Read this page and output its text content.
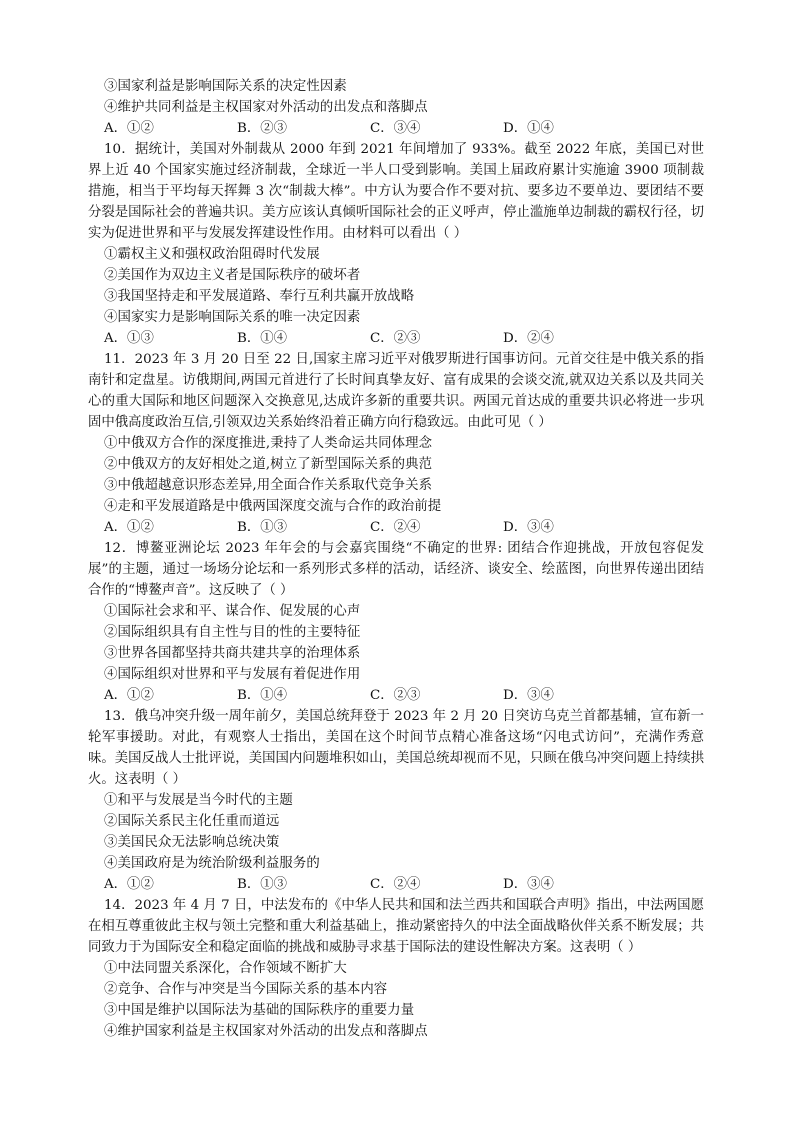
③国家利益是影响国际关系的决定性因素
④维护共同利益是主权国家对外活动的出发点和落脚点
A．①②	B．②③	C．③④	D．①④
10．据统计，美国对外制裁从 2000 年到 2021 年间增加了 933%。截至 2022 年底，美国已对世界上近 40 个国家实施过经济制裁，全球近一半人口受到影响。美国上届政府累计实施逾 3900 项制裁措施，相当于平均每天挥舞 3 次“制裁大棒”。中方认为要合作不要对抗、要多边不要单边、要团结不要分裂是国际社会的普遍共识。美方应该认真倾听国际社会的正义呼声，停止滥施单边制裁的霸权行径，切实为促进世界和平与发展发挥建设性作用。由材料可以看出（ ）
①霸权主义和强权政治阻碍时代发展
②美国作为双边主义者是国际秩序的破坏者
③我国坚持走和平发展道路、奉行互利共赢开放战略
④国家实力是影响国际关系的唯一决定因素
A．①③	B．①④	C．②③	D．②④
11．2023 年 3 月 20 日至 22 日,国家主席习近平对俄罗斯进行国事访问。元首交往是中俄关系的指南针和定盘星。访俄期间,两国元首进行了长时间真挚友好、富有成果的会谈交流,就双边关系以及共同关心的重大国际和地区问题深入交换意见,达成许多新的重要共识。两国元首达成的重要共识必将进一步巩固中俄高度政治互信,引领双边关系始终沿着正确方向行稳致远。由此可见（ ）
①中俄双方合作的深度推进,秉持了人类命运共同体理念
②中俄双方的友好相处之道,树立了新型国际关系的典范
③中俄超越意识形态差异,用全面合作关系取代竞争关系
④走和平发展道路是中俄两国深度交流与合作的政治前提
A．①②	B．①③	C．②④	D．③④
12．博鳌亚洲论坛 2023 年年会的与会嘉宾围绕“不确定的世界: 团结合作迎挑战，开放包容促发展”的主题，通过一场场分论坛和一系列形式多样的活动，话经济、谈安全、绘蓝图，向世界传递出团结合作的“博鳌声音”。这反映了（ ）
①国际社会求和平、谋合作、促发展的心声
②国际组织具有自主性与目的性的主要特征
③世界各国都坚持共商共建共享的治理体系
④国际组织对世界和平与发展有着促进作用
A．①②	B．①④	C．②③	D．③④
13．俄乌冲突升级一周年前夕，美国总统拜登于 2023 年 2 月 20 日突访乌克兰首都基辅，宣布新一轮军事援助。对此，有观察人士指出，美国在这个时间节点精心准备这场“闪电式访问”，充满作秀意味。美国反战人士批评说，美国国内问题堆积如山，美国总统却视而不见，只顾在俄乌冲突问题上持续拱火。这表明（ ）
①和平与发展是当今时代的主题
②国际关系民主化任重而道远
③美国民众无法影响总统决策
④美国政府是为统治阶级利益服务的
A．①②	B．①③	C．②④	D．③④
14．2023 年 4 月 7 日，中法发布的《中华人民共和国和法兰西共和国联合声明》指出，中法两国愿在相互尊重彼此主权与领土完整和重大利益基础上，推动紧密持久的中法全面战略伙伴关系不断发展；共同致力于为国际安全和稳定面临的挑战和威胁寻求基于国际法的建设性解决方案。这表明（ ）
①中法同盟关系深化，合作领域不断扩大
②竞争、合作与冲突是当今国际关系的基本内容
③中国是维护以国际法为基础的国际秩序的重要力量
④维护国家利益是主权国家对外活动的出发点和落脚点
